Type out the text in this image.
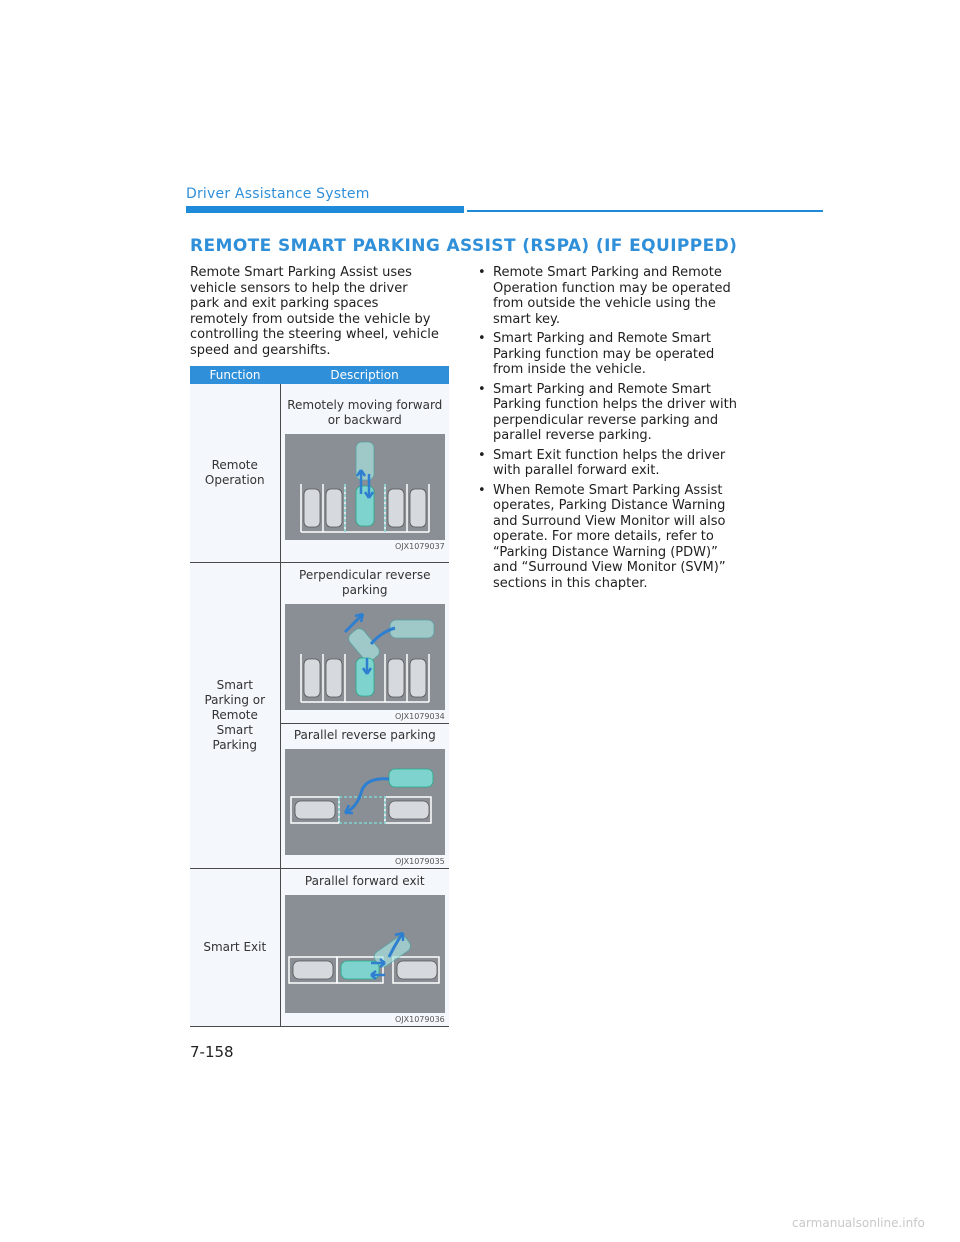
Driver Assistance System
REMOTE SMART PARKING ASSIST (RSPA) (IF EQUIPPED)

Remote Smart Parking Assist uses vehicle sensors to help the driver park and exit parking spaces remotely from outside the vehicle by controlling the steering wheel, vehicle speed and gearshifts.

Function	Description
Remote Operation	Remotely moving forward or backward
OJX1079037

Smart Parking or Remote Smart Parking	Perpendicular reverse parking
OJX1079034
Parallel reverse parking
OJX1079035

Smart Exit	Parallel forward exit
OJX1079036
• Remote Smart Parking and Remote Operation function may be operated from outside the vehicle using the smart key.
• Smart Parking and Remote Smart Parking function may be operated from inside the vehicle.
• Smart Parking and Remote Smart Parking function helps the driver with perpendicular reverse parking and parallel reverse parking.
• Smart Exit function helps the driver with parallel forward exit.
• When Remote Smart Parking Assist operates, Parking Distance Warning and Surround View Monitor will also operate. For more details, refer to “Parking Distance Warning (PDW)” and “Surround View Monitor (SVM)” sections in this chapter.
7-158
carmanualsonline.info
